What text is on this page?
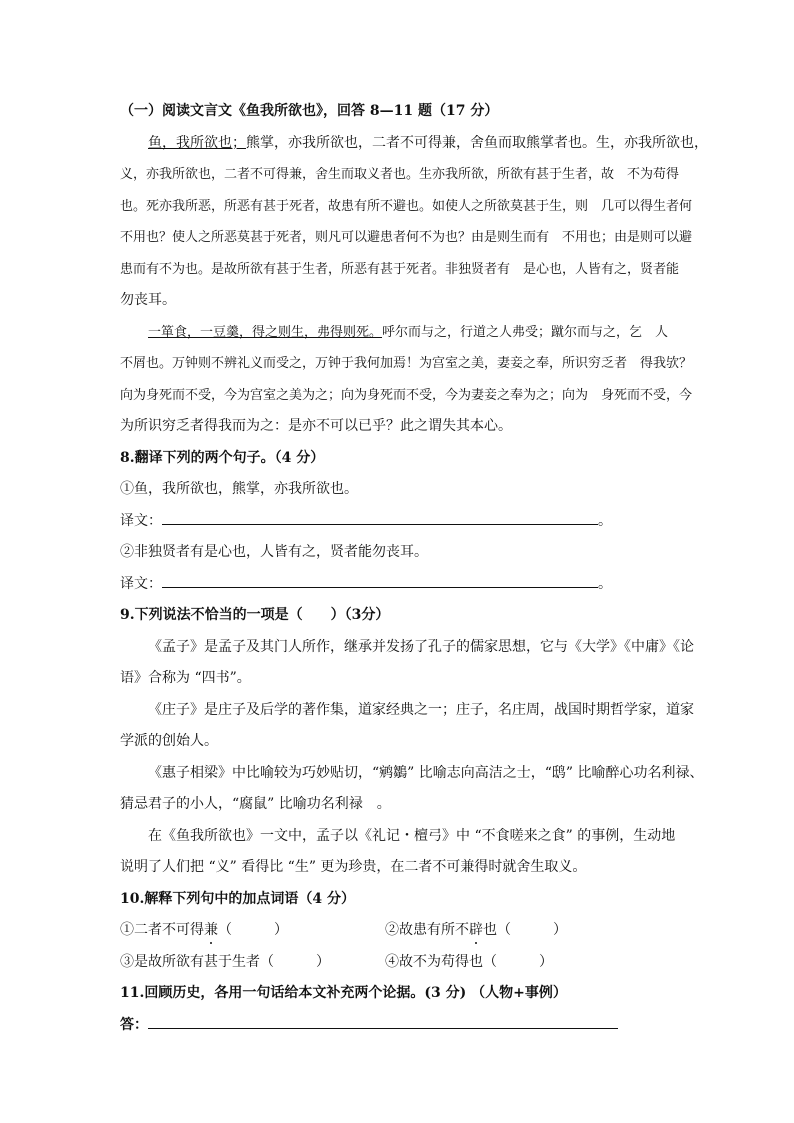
（一）阅读文言文《鱼我所欲也》，回答 8—11 题（17 分）
鱼，我所欲也；熊掌，亦我所欲也，二者不可得兼，舍鱼而取熊掌者也。生，亦我所欲也，
义，亦我所欲也，二者不可得兼，舍生而取义者也。生亦我所欲，所欲有甚于生者，故　不为苟得
也。死亦我所恶，所恶有甚于死者，故患有所不避也。如使人之所欲莫甚于生，则　几可以得生者何
不用也？使人之所恶莫甚于死者，则凡可以避患者何不为也？由是则生而有　不用也；由是则可以避
患而有不为也。是故所欲有甚于生者，所恶有甚于死者。非独贤者有　是心也，人皆有之，贤者能
勿丧耳。
一箪食，一豆羹，得之则生，弗得则死。呼尔而与之，行道之人弗受；蹴尔而与之，乞　人
不屑也。万钟则不辨礼义而受之，万钟于我何加焉！为宫室之美，妻妾之奉，所识穷乏者　得我欤？
向为身死而不受，今为宫室之美为之；向为身死而不受，今为妻妾之奉为之；向为　身死而不受，今
为所识穷乏者得我而为之：是亦不可以已乎？此之谓失其本心。
8.翻译下列的两个句子。（4 分）
①鱼，我所欲也，熊掌，亦我所欲也。
译文：	。
②非独贤者有是心也，人皆有之，贤者能勿丧耳。
译文：	。
9.下列说法不恰当的一项是（　　）（3分）
《孟子》是孟子及其门人所作，继承并发扬了孔子的儒家思想，它与《大学》《中庸》《论
语》合称为 “四书”。
《庄子》是庄子及后学的著作集，道家经典之一；庄子，名庄周，战国时期哲学家，道家
学派的创始人。
《惠子相梁》中比喻较为巧妙贴切，“鹓鶵” 比喻志向高洁之士，“鸱” 比喻醉心功名利禄、
猜忌君子的小人，“腐鼠” 比喻功名利禄　。
在《鱼我所欲也》一文中，孟子以《礼记・檀弓》中 “不食嗟来之食” 的事例，生动地
说明了人们把 “义” 看得比 “生” 更为珍贵，在二者不可兼得时就舍生取义。
10.解释下列句中的加点词语（4 分）
①二者不可得兼（　　　）	②故患有所不辟也（　　　）
③是故所欲有甚于生者（　　　）	④故不为苟得也（　　　）
11.回顾历史，各用一句话给本文补充两个论据。(3 分) （人物+事例）
答：
